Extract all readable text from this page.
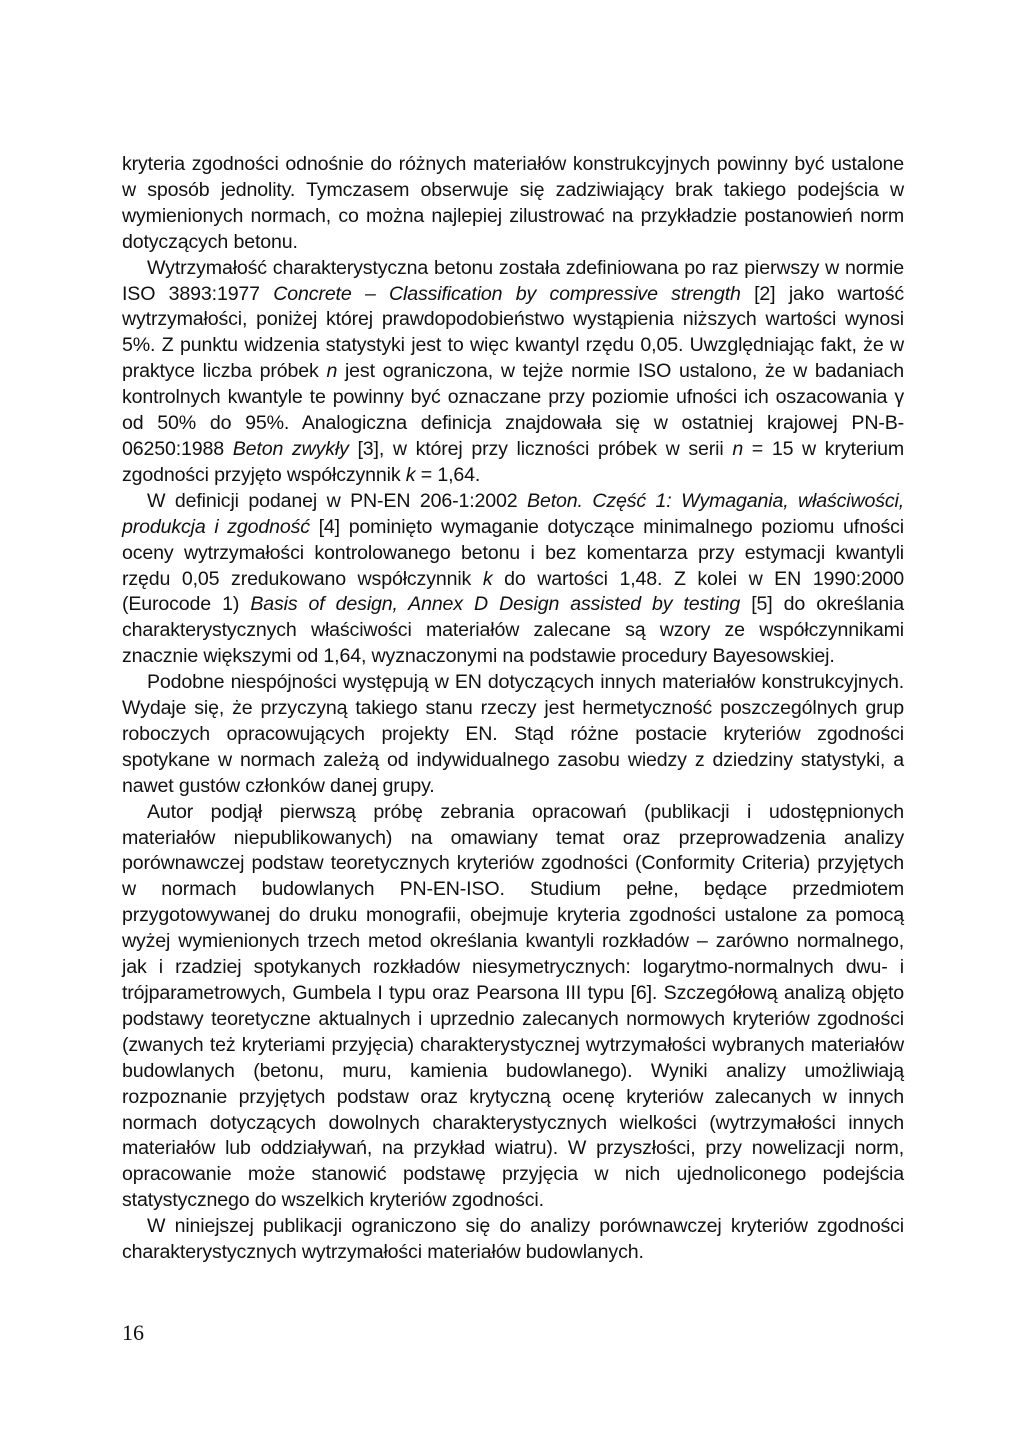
kryteria zgodności odnośnie do różnych materiałów konstrukcyjnych powinny być ustalone w sposób jednolity. Tymczasem obserwuje się zadziwiający brak takiego podejścia w wymienionych normach, co można najlepiej zilustrować na przykładzie postanowień norm dotyczących betonu.

Wytrzymałość charakterystyczna betonu została zdefiniowana po raz pierwszy w normie ISO 3893:1977 Concrete – Classification by compressive strength [2] jako wartość wytrzymałości, poniżej której prawdopodobieństwo wystąpienia niższych wartości wynosi 5%. Z punktu widzenia statystyki jest to więc kwantyl rzędu 0,05. Uwzględniając fakt, że w praktyce liczba próbek n jest ograniczona, w tejże normie ISO ustalono, że w badaniach kontrolnych kwantyle te powinny być oznaczane przy poziomie ufności ich oszacowania γ od 50% do 95%. Analogiczna definicja znajdowała się w ostatniej krajowej PN-B-06250:1988 Beton zwykły [3], w której przy liczności próbek w serii n = 15 w kryterium zgodności przyjęto współczynnik k = 1,64.

W definicji podanej w PN-EN 206-1:2002 Beton. Część 1: Wymagania, właściwości, produkcja i zgodność [4] pominięto wymaganie dotyczące minimalnego poziomu ufności oceny wytrzymałości kontrolowanego betonu i bez komentarza przy estymacji kwantyli rzędu 0,05 zredukowano współczynnik k do wartości 1,48. Z kolei w EN 1990:2000 (Eurocode 1) Basis of design, Annex D Design assisted by testing [5] do określania charakterystycznych właściwości materiałów zalecane są wzory ze współczynnikami znacznie większymi od 1,64, wyznaczonymi na podstawie procedury Bayesowskiej.

Podobne niespójności występują w EN dotyczących innych materiałów konstrukcyjnych. Wydaje się, że przyczyną takiego stanu rzeczy jest hermetyczność poszczególnych grup roboczych opracowujących projekty EN. Stąd różne postacie kryteriów zgodności spotykane w normach zależą od indywidualnego zasobu wiedzy z dziedziny statystyki, a nawet gustów członków danej grupy.

Autor podjął pierwszą próbę zebrania opracowań (publikacji i udostępnionych materiałów niepublikowanych) na omawiany temat oraz przeprowadzenia analizy porównawczej podstaw teoretycznych kryteriów zgodności (Conformity Criteria) przyjętych w normach budowlanych PN-EN-ISO. Studium pełne, będące przedmiotem przygotowywanej do druku monografii, obejmuje kryteria zgodności ustalone za pomocą wyżej wymienionych trzech metod określania kwantyli rozkładów – zarówno normalnego, jak i rzadziej spotykanych rozkładów niesymetrycznych: logarytmo-normalnych dwu- i trójparametrowych, Gumbela I typu oraz Pearsona III typu [6]. Szczegółową analizą objęto podstawy teoretyczne aktualnych i uprzednio zalecanych normowych kryteriów zgodności (zwanych też kryteriami przyjęcia) charakterystycznej wytrzymałości wybranych materiałów budowlanych (betonu, muru, kamienia budowlanego). Wyniki analizy umożliwiają rozpoznanie przyjętych podstaw oraz krytyczną ocenę kryteriów zalecanych w innych normach dotyczących dowolnych charakterystycznych wielkości (wytrzymałości innych materiałów lub oddziaływań, na przykład wiatru). W przyszłości, przy nowelizacji norm, opracowanie może stanowić podstawę przyjęcia w nich ujednoliconego podejścia statystycznego do wszelkich kryteriów zgodności.

W niniejszej publikacji ograniczono się do analizy porównawczej kryteriów zgodności charakterystycznych wytrzymałości materiałów budowlanych.

16
